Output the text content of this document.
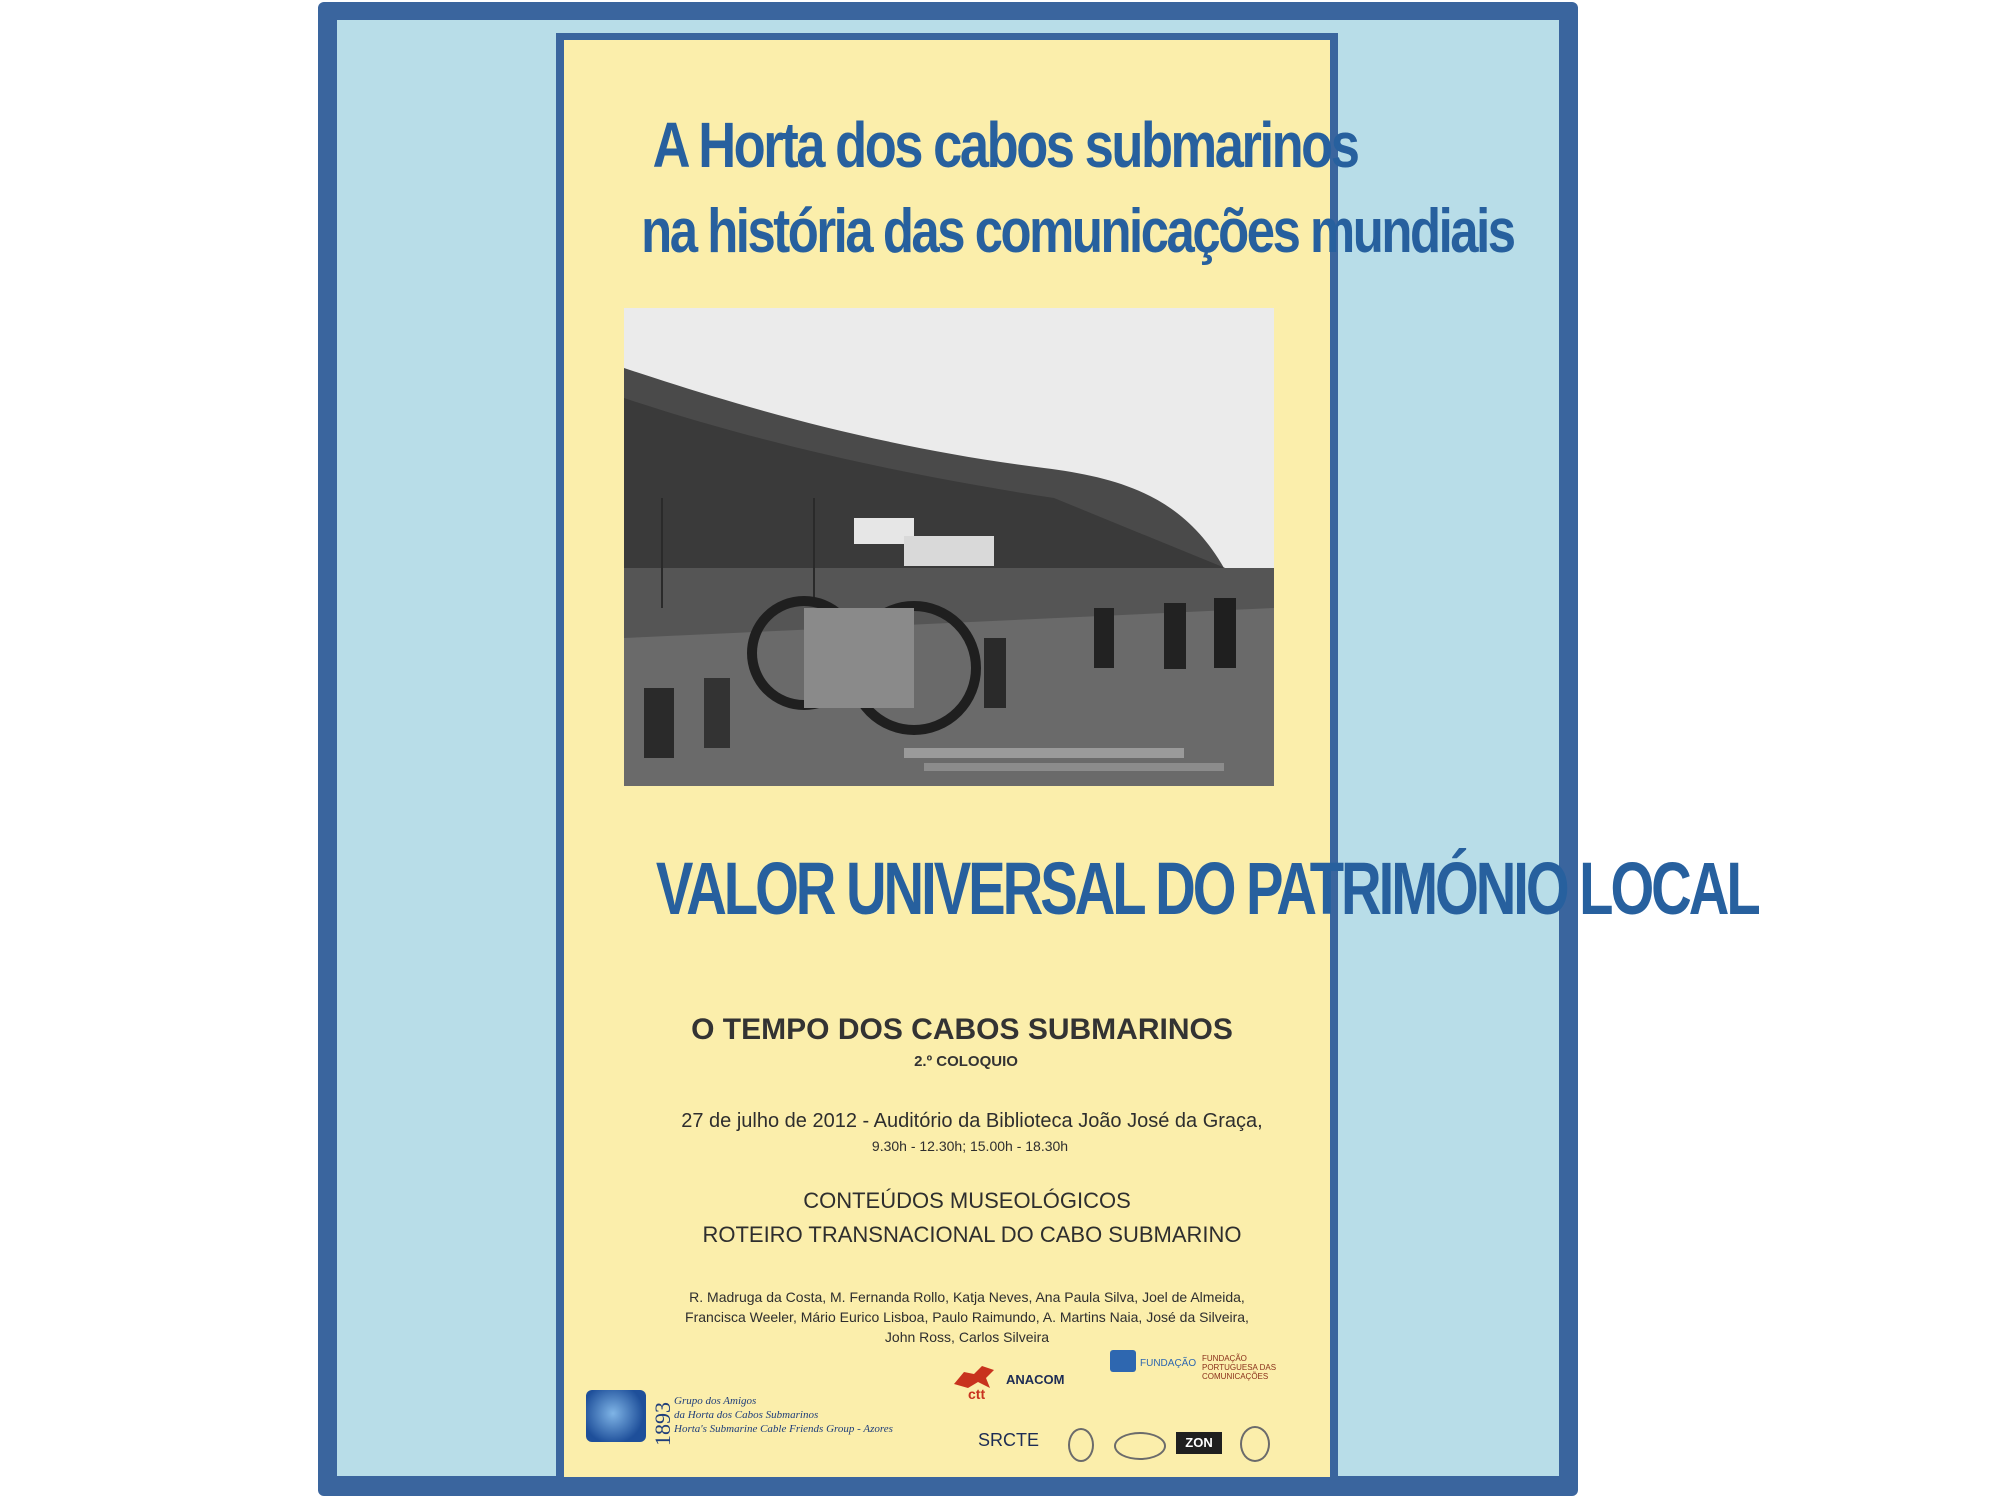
A Horta dos cabos submarinos
na história das comunicações mundiais
VALOR UNIVERSAL DO PATRIMÓNIO LOCAL
O TEMPO DOS CABOS SUBMARINOS
2.º COLOQUIO
27 de julho de 2012 - Auditório da Biblioteca João José da Graça,
9.30h - 12.30h; 15.00h - 18.30h
CONTEÚDOS MUSEOLÓGICOS
ROTEIRO TRANSNACIONAL DO CABO SUBMARINO
R. Madruga da Costa, M. Fernanda Rollo, Katja Neves, Ana Paula Silva, Joel de Almeida,
Francisca Weeler, Mário Eurico Lisboa, Paulo Raimundo, A. Martins Naia, José da Silveira,
John Ross, Carlos Silveira
1893
Grupo dos Amigos
da Horta dos Cabos Submarinos
Horta's Submarine Cable Friends Group - Azores
ctt
ANACOM
FUNDAÇÃO FUNDAÇÃO PORTUGUESA DAS COMUNICAÇÕES
SRCTE	ZON
